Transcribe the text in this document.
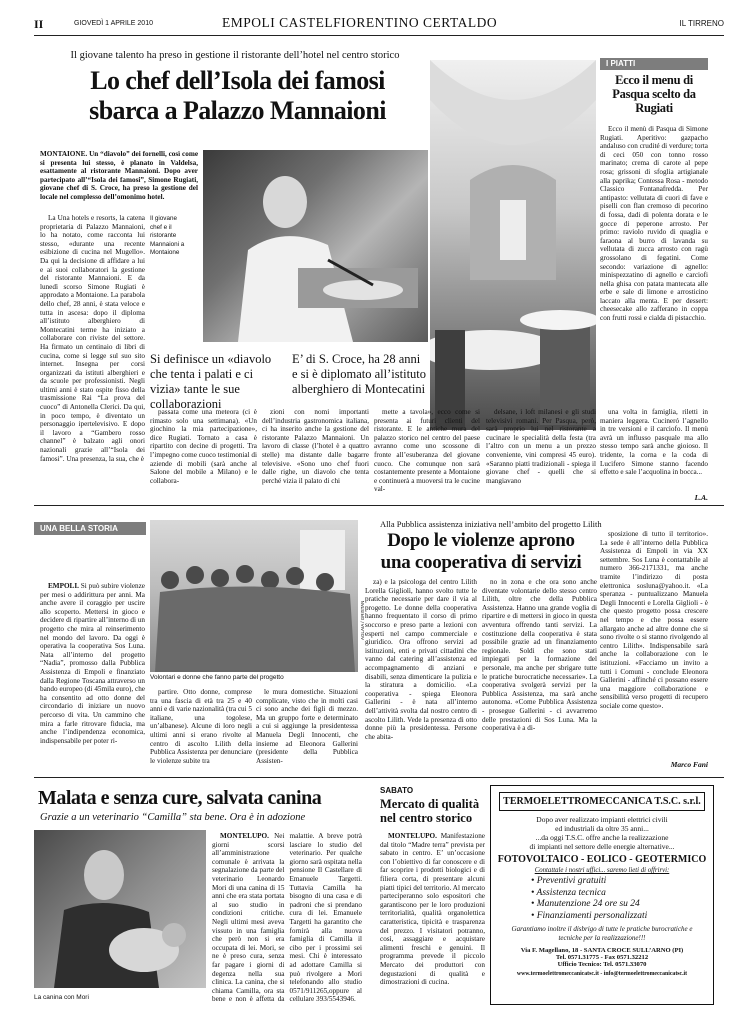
II	GIOVEDÌ 1 APRILE 2010	EMPOLI CASTELFIORENTINO CERTALDO	IL TIRRENO
Il giovane talento ha preso in gestione il ristorante dell’hotel nel centro storico
Lo chef dell’Isola dei famosi
sbarca a Palazzo Mannaioni
MONTAIONE. Un “diavolo” dei fornelli, così come si presenta lui stesso, è planato in Valdelsa, esattamente al ristorante Mannaioni. Dopo aver partecipato all’“Isola dei famosi”, Simone Rugiati, giovane chef di S. Croce, ha preso la gestione del locale nel complesso dell’omonimo hotel.

La Una hotels e resorts, la catena proprietaria di Palazzo Mannaioni, lo ha notato, come racconta lui stesso, «durante una recente esibizione di cucina nel Mugello». Da qui la decisione di affidare a lui e ai suoi collaboratori la gestione del ristorante Mannaioni. E da lunedì scorso Simone Rugiati è approdato a Montaione. La parabola dello chef, 28 anni, è stata veloce e tutta in ascesa: dopo il diploma all’istituto alberghiero di Montecatini terme ha iniziato a collaborare con riviste del settore. Ha firmato un centinaio di libri di cucina, come si legge sul suo sito internet. Insegna per corsi organizzati da istituti alberghieri e da scuole per professionisti. Negli ultimi anni è stato ospite fisso della trasmissione Rai “La prova del cuoco” di Antonella Clerici. Da qui, in poco tempo, è diventato un personaggio ipertelevisivo. E dopo il lavoro a “Gambero rosso channel” è balzato agli onori nazionali grazie all’“Isola dei famosi”. Una presenza, la sua, che è

Il giovane chef e il ristorante Mannaioni a Montaione
Si definisce un «diavolo che tenta i palati e ci vizia» tante le sue collaborazioni
E’ di S. Croce, ha 28 anni e si è diplomato all’istituto alberghiero di Montecatini

passata come una meteora (ci è rimasto solo una settimana). «Un giochino la mia partecipazione», dice Rugiati. Tornato a casa è ripartito con decine di progetti. Tra l’impegno come cuoco testimonial di aziende di mobili (sarà anche al Salone del mobile a Milano) e le collabora-

zioni con nomi importanti dell’industria gastronomica italiana, ci ha inserito anche la gestione del ristorante Palazzo Mannaioni. Un lavoro di classe (l’hotel è a quattro stelle) ma distante dalle bagarre televisive. «Sono uno chef fuori dalle righe, un diavolo che tenta perché vizia il palato di chi

mette a tavola», ecco come si presenta ai futuri clienti del ristorante. E le antiche mura del palazzo storico nel centro del paese avranno come uno scossone di fronte all’esuberanza del giovane cuoco. Che comunque non sarà costantemente presente a Montaione e continuerà a muoversi tra le cucine val-

delsane, i loft milanesi e gli studi televisivi romani. Per Pasqua, però, sarà proprio lui nel ristorante a cucinare le specialità della festa (tra l’altro con un menu a un prezzo conveniente, vini compresi 45 euro). «Saranno piatti tradizionali - spiega il giovane chef - quelli che si mangiavano

una volta in famiglia, riletti in maniera leggera. Cucineró l’agnello in tre versioni e il carciofo. Il menù avrà un influsso pasquale ma allo stesso tempo sarà anche gioioso. Il tridente, la corna e la coda di Lucifero Simone stanno facendo effetto e sale l’acquolina in bocca...

L.A.
I PIATTI
Ecco il menu di Pasqua scelto da Rugiati

Ecco il menù di Pasqua di Simone Rugiati. Aperitivo: gazpacho andaluso con crudité di verdure; torta di ceci 050 con tonno rosso marinato; crema di carote al pepe rosa; grissoni di sfoglia artigianale alla paprika; Contessa Rosa - metodo Classico Fontanafredda. Per antipasto: vellutata di cuori di fave e piselli con flan cremoso di pecorino di fossa, dadi di polenta dorata e le gocce di peperone arrosto. Per primo: raviolo ruvido di quaglia e faraona al burro di lavanda su vellutata di zucca arrosto con ragù grossolano di fegatini. Come secondo: variazione di agnello: minispezzatino di agnello e carciofi nella ghisa con patata mantecata alle erbe e sale di limone e arrosticino laccato alla menta. E per dessert: cheesecake allo zafferano in coppa con frutti rossi e cialda di pistacchio.

UNA BELLA STORIA	Alla Pubblica assistenza iniziativa nell’ambito del progetto Lilith
Dopo le violenze aprono
una cooperativa di servizi
AGLAIA / GRISTAN
Volontari e donne che fanno parte del progetto

EMPOLI. Si può subire violenze per mesi o addirittura per anni. Ma anche avere il coraggio per uscire allo scoperto. Mettersi in gioco e decidere di ripartire all’interno di un progetto che mira al reinserimento nel mondo del lavoro. Da oggi è operativa la cooperativa Sos Luna. Nata all’interno del progetto “Nadia”, promosso dalla Pubblica Assistenza di Empoli e finanziato dalla Regione Toscana attraverso un bando europeo (di 45mila euro), che ha consentito ad otto donne del circondario di iniziare un nuovo percorso di vita. Un cammino che mira a farle ritrovare fiducia, ma anche l’indipendenza economica, indispensabile per poter ri-

partire. Otto donne, comprese tra una fascia di età tra 25 e 40 anni e di varie nazionalità (tra cui 5 italiane, una togolese, un’albanese). Alcune di loro negli ultimi anni si erano rivolte al centro di ascolto Lilith della Pubblica Assistenza per denunciare le violenze subite tra

le mura domestiche. Situazioni complicate, visto che in molti casi ci sono anche dei figli di mezzo. Ma un gruppo forte e determinato a cui si aggiunge la presidentessa Manuela Degli Innocenti, che insieme ad Eleonora Gallerini (presidente della Pubblica Assisten-

za) e la psicologa del centro Lilith Lorella Gigliolì, hanno svolto tutte le pratiche necessarie per dare il via al progetto. Le donne della cooperativa hanno frequentato il corso di primo soccorso e preso parte a lezioni con esperti nel campo commerciale e giuridico. Ora offrono servizi ad istituzioni, enti e privati cittadini che vanno dal catering all’assistenza ed accompagnamento di anziani e disabili, senza dimenticare la pulizia e la stiratura a domicilio. «La cooperativa - spiega Eleonora Gallerini - è nata all’interno dell’attività svolta dal nostro centro di ascolto Lilith. Vede la presenza di otto donne più la presidentessa. Persone che abita-

no in zona e che ora sono anche diventate volontarie dello stesso centro Lilith, oltre che della Pubblica Assistenza. Hanno una grande voglia di ripartire e di mettersi in gioco in questa avventura offrendo tanti servizi. La costituzione della cooperativa è stata possibile grazie ad un finanziamento regionale. Soldi che sono stati impiegati per la formazione del personale, ma anche per sbrigare tutte le pratiche burocratiche necessarie». La cooperativa svolgerà servizi per la Pubblica Assistenza, ma sarà anche autonoma. «Come Pubblica Assistenza - prosegue Gallerini - ci avvarremo delle prestazioni di Sos Luna. Ma la cooperativa è a di-

sposizione di tutto il territorio». La sede è all’interno della Pubblica Assistenza di Empoli in via XX settembre. Sos Luna è contattabile al numero 366-2171331, ma anche tramite l’indirizzo di posta elettronica sosluna@yahoo.it. «La speranza - puntualizzano Manuela Degli Innocenti e Lorella Giglioli - è che questo progetto possa crescere nel tempo e che possa essere allargato anche ad altre donne che si sono rivolte o si stanno rivolgendo al centro Lilith». Indispensabile sarà anche la collaborazione con le istituzioni. «Facciamo un invito a tutti i Comuni - conclude Eleonora Gallerini - affinché ci possano essere una maggiore collaborazione e sensibilità verso progetti di recupero sociale come questo».

Marco Fani
Malata e senza cure, salvata canina
Grazie a un veterinario “Camilla” sta bene. Ora è in adozione
La canina con Mori

MONTELUPO. Nei giorni scorsi all’amministrazione comunale è arrivata la segnalazione da parte del veterinario Leonardo Mori di una canina di 15 anni che era stata portata al suo studio in condizioni critiche. Negli ultimi mesi aveva vissuto in una famiglia che però non si era occupata di lei. Mori, se ne è preso cura, senza far pagare i giorni di degenza nella sua clinica. La canina, che si chiama Camilla, ora sta bene e non è affetta da malattie. A breve potrà lasciare lo studio del veterinario. Per qualche giorno sarà ospitata nella pensione Il Castellare di Emanuele Targetti. Tuttavia Camilla ha bisogno di una casa e di padroni che si prendano cura di lei. Emanuele Targetti ha garantito che fornirà alla nuova famiglia di Camilla il cibo per i prossimi sei mesi. Chi è interessato ad adottare Camilla si può rivolgere a Mori telefonando allo studio 0571/911265,oppure al cellulare 393/5543946.

SABATO
Mercato di qualità nel centro storico

MONTELUPO. Manifestazione dal titolo “Madre terra” prevista per sabato in centro. E’ un’occasione con l’obiettivo di far conoscere e di far scoprire i prodotti biologici e di filiera corta, di presentare alcuni piatti tipici del territorio. Al mercato parteciperanno solo espositori che garantiscono per le loro produzioni territorialità, qualità organolettica caratteristica, tipicità e trasparenza del prezzo. I visitatori potranno, così, assaggiare e acquistare alimenti freschi e genuini. Il programma prevede il piccolo Mercato dei produttori con degustazioni di qualità e dimostrazioni di cucina.

TERMOELETTROMECCANICA T.S.C. s.r.l.
Dopo aver realizzato impianti elettrici civili
ed industriali da oltre 35 anni...
...da oggi T.S.C. offre anche la realizzazione
di impianti nel settore delle energie alternative...
FOTOVOLTAICO - EOLICO - GEOTERMICO
Contattale i nostri uffici... saremo lieti di offrirvi:
• Preventivi gratuiti
• Assistenza tecnica
• Manutenzione 24 ore su 24
• Finanziamenti personalizzati
Garantiamo inoltre il disbrigo di tutte le pratiche burocratiche e tecniche per la realizzazione!!!
Via F. Magellano, 18 - SANTA CROCE SULL’ARNO (PI)
Tel. 0571.31775 - Fax 0571.32212
Ufficio Tecnico: Tel. 0571.33070
www.termoelettromeccanicatsc.it - info@termoelettromeccanicatsc.it
